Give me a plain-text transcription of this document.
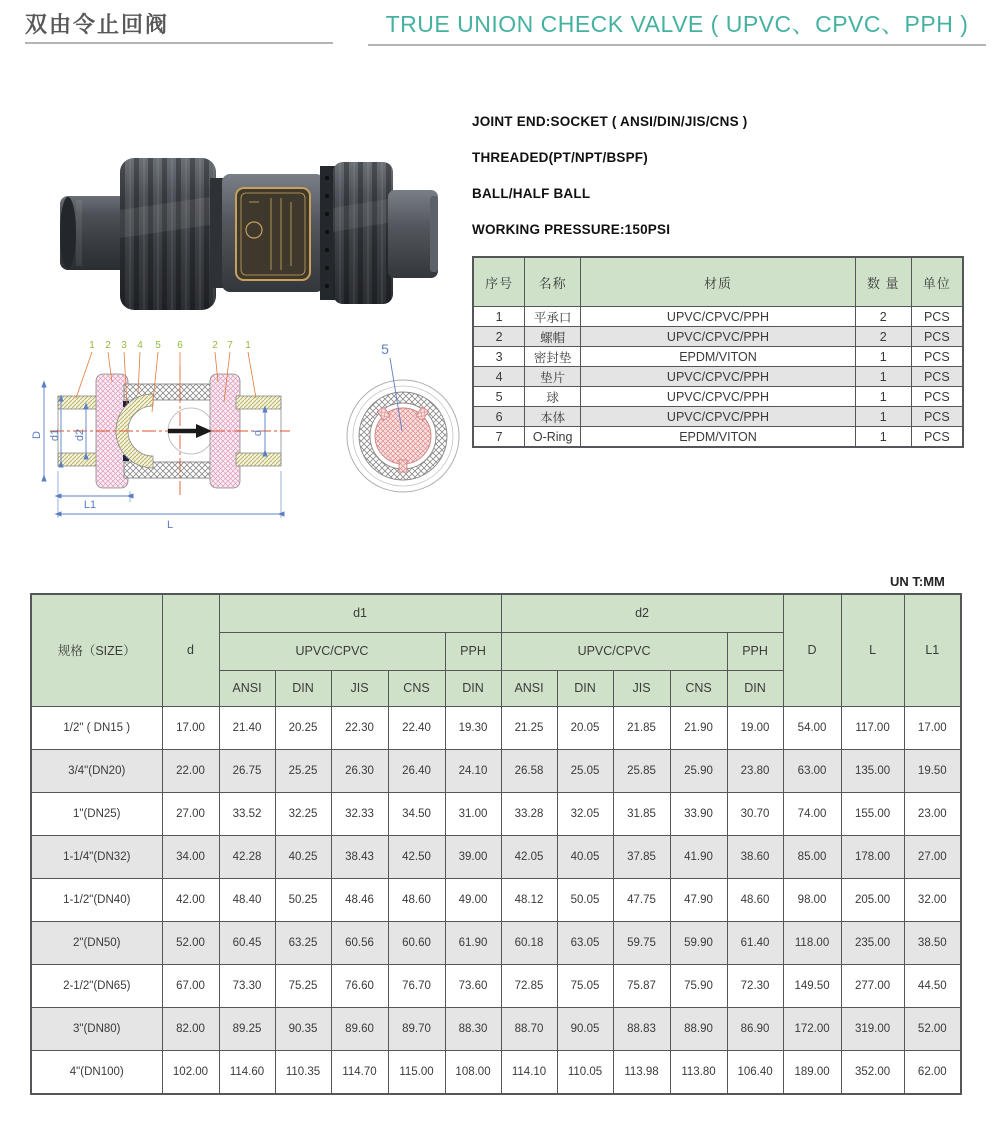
双由令止回阀	TRUE UNION CHECK VALVE ( UPVC、CPVC、PPH )
JOINT END:SOCKET ( ANSI/DIN/JIS/CNS )
THREADED(PT/NPT/BSPF)
BALL/HALF BALL
WORKING PRESSURE:150PSI
序号	名称	材质	数 量	单位
1	平承口	UPVC/CPVC/PPH	2	PCS
2	螺帽	UPVC/CPVC/PPH	2	PCS
3	密封垫	EPDM/VITON	1	PCS
4	垫片	UPVC/CPVC/PPH	1	PCS
5	球	UPVC/CPVC/PPH	1	PCS
6	本体	UPVC/CPVC/PPH	1	PCS
7	O-Ring	EPDM/VITON	1	PCS
D d1 d2	d
L1
L
1 2 3 4 5 6	2 7 1	5
UN T:MM
规格（SIZE）	d	d1					d2					D	L	L1
		UPVC/CPVC				PPH	UPVC/CPVC				PPH			
		ANSI	DIN	JIS	CNS	DIN	ANSI	DIN	JIS	CNS	DIN			
1/2" ( DN15 )	17.00	21.40	20.25	22.30	22.40	19.30	21.25	20.05	21.85	21.90	19.00	54.00	117.00	17.00
3/4"(DN20)	22.00	26.75	25.25	26.30	26.40	24.10	26.58	25.05	25.85	25.90	23.80	63.00	135.00	19.50
1"(DN25)	27.00	33.52	32.25	32.33	34.50	31.00	33.28	32.05	31.85	33.90	30.70	74.00	155.00	23.00
1-1/4"(DN32)	34.00	42.28	40.25	38.43	42.50	39.00	42.05	40.05	37.85	41.90	38.60	85.00	178.00	27.00
1-1/2"(DN40)	42.00	48.40	50.25	48.46	48.60	49.00	48.12	50.05	47.75	47.90	48.60	98.00	205.00	32.00
2"(DN50)	52.00	60.45	63.25	60.56	60.60	61.90	60.18	63.05	59.75	59.90	61.40	118.00	235.00	38.50
2-1/2"(DN65)	67.00	73.30	75.25	76.60	76.70	73.60	72.85	75.05	75.87	75.90	72.30	149.50	277.00	44.50
3"(DN80)	82.00	89.25	90.35	89.60	89.70	88.30	88.70	90.05	88.83	88.90	86.90	172.00	319.00	52.00
4"(DN100)	102.00	114.60	110.35	114.70	115.00	108.00	114.10	110.05	113.98	113.80	106.40	189.00	352.00	62.00
